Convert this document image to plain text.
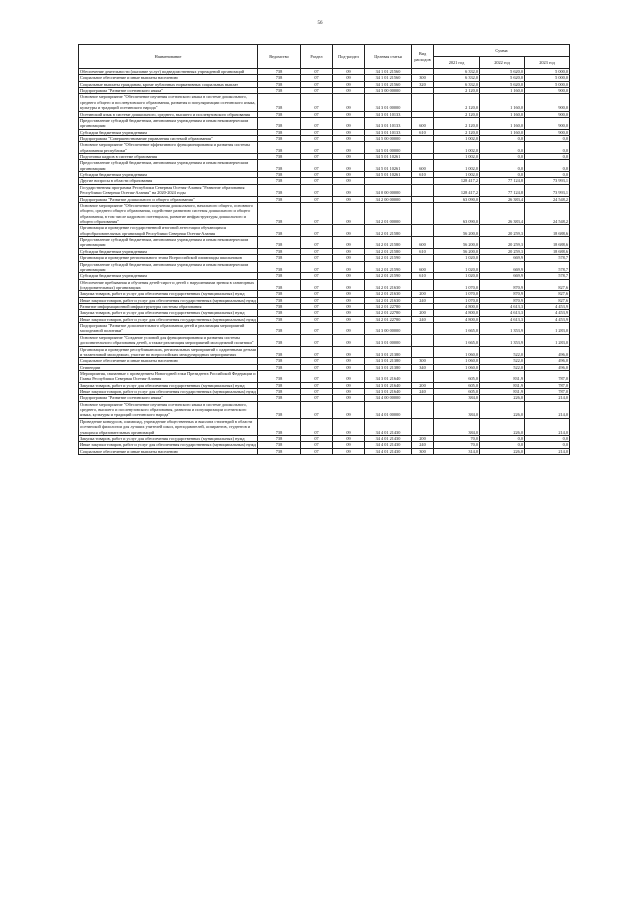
56
Наименование	Ведомство	Раздел	Под-раздел	Целевая статья	Вид расходов	Сумма		
						2021 год	2022 год	2023 год
Обеспечение деятельности (оказание услуг) подведомственных учреждений организаций	738	07	09	34 1 01 21560		6 332,0	5 620,0	5 000,0
Социальное обеспечение и иные выплаты населению	738	07	09	34 1 01 21560	300	6 332,0	5 620,0	5 000,0
Социальные выплаты гражданам, кроме публичных нормативных социальных выплат	738	07	09	34 1 01 21560	320	6 332,0	5 620,0	5 000,0
Подпрограмма "Развитие осетинского языка"	738	07	09	34 3 00 00000		2 120,0	1 160,0	900,0
Основное мероприятие "Обеспечение изучения осетинского языка в системе дошкольного, среднего общего и послевузовского образования, развития и популяризации осетинского языка, культуры и традиций осетинского народа"	738	07	09	34 3 01 00000		2 120,0	1 160,0	900,0
Осетинский язык в системе дошкольного, среднего, высшего и послевузовского образования	738	07	09	34 3 01 10133		2 120,0	1 160,0	900,0
Предоставление субсидий бюджетным, автономным учреждениям и иным некоммерческим организациям	738	07	09	34 3 01 10133	600	2 120,0	1 160,0	900,0
Субсидии бюджетным учреждениям	738	07	09	34 3 01 10133	610	2 120,0	1 160,0	900,0
Подпрограмма "Совершенствование управления системой образования"	738	07	09	34 5 00 00000		1 002,0	0,0	0,0
Основное мероприятие "Обеспечение эффективного функционирования и развития системы образования республики"	738	07	09	34 5 01 00000		1 002,0	0,0	0,0
Подготовка кадров в системе образования	738	07	09	34 5 01 10261		1 002,0	0,0	0,0
Предоставление субсидий бюджетным, автономным учреждениям и иным некоммерческим организациям	738	07	09	34 5 01 10261	600	1 002,0	0,0	0,0
Субсидии бюджетным учреждениям	738	07	09	34 5 01 10261	610	1 002,0	0,0	0,0
Другие вопросы в области образования	738	07	09			128 417,2	77 124,8	73 993,1
Государственная программа Республики Северная Осетия-Алания "Развитие образования Республики Северная Осетия-Алания" на 2020-2024 годы	738	07	09	34 0 00 00000		128 417,2	77 124,8	73 993,1
Подпрограмма "Развитие дошкольного и общего образования"	738	07	09	34 2 00 00000		63 090,0	26 383,4	24 548,2
Основное мероприятие "Обеспечение получения дошкольного, начального общего, основного общего, среднего общего образования, содействие развитию системы дошкольного и общего образования, в том числе кадрового потенциала, развитие инфраструктуры дошкольного и общего образования"	738	07	09	34 2 01 00000		63 090,0	26 383,4	24 548,2
Организация и проведение государственной итоговой аттестации обучающихся общеобразовательных организаций Республики Северная Осетия-Алания	738	07	09	34 2 01 21580		56 200,0	20 259,3	18 688,6
Предоставление субсидий бюджетным, автономным учреждениям и иным некоммерческим организациям	738	07	09	34 2 01 21580	600	56 200,0	20 259,3	18 688,6
Субсидии бюджетным учреждениям	738	07	09	34 2 01 21580	610	56 200,0	20 259,3	18 688,6
Организация и проведение регионального этапа Всероссийской олимпиады школьников	738	07	09	34 2 01 21590		1 020,0	669,9	578,7
Предоставление субсидий бюджетным, автономным учреждениям и иным некоммерческим организациям	738	07	09	34 2 01 21590	600	1 020,0	669,9	578,7
Субсидии бюджетным учреждениям	738	07	09	34 2 01 21590	610	1 020,0	669,9	578,7
Обеспечение пребывания и обучения детей-сирот и детей с нарушениями зрения в санаторных (оздоровительных) организациях	738	07	09	34 2 01 21630		1 070,0	870,9	827,6
Закупка товаров, работ и услуг для обеспечения государственных (муниципальных) нужд	738	07	09	34 2 01 21630	200	1 070,0	870,9	827,6
Иные закупки товаров, работ и услуг для обеспечения государственных (муниципальных) нужд	738	07	09	34 2 01 21630	240	1 070,0	870,9	827,6
Развитие информационной инфраструктуры системы образования	738	07	09	34 2 01 22780		4 800,0	4 613,3	4 453,9
Закупка товаров, работ и услуг для обеспечения государственных (муниципальных) нужд	738	07	09	34 2 01 22780	200	4 800,0	4 613,3	4 453,9
Иные закупки товаров, работ и услуг для обеспечения государственных (муниципальных) нужд	738	07	09	34 2 01 22780	240	4 800,0	4 613,3	4 453,9
Подпрограмма "Развитие дополнительного образования детей и реализация мероприятий молодежной политики"	738	07	09	34 3 00 00000		1 665,0	1 353,9	1 283,0
Основное мероприятие "Создание условий для функционирования и развития системы дополнительного образования детей, а также реализация мероприятий молодежной политики"	738	07	09	34 3 01 00000		1 665,0	1 353,9	1 283,0
Организация и проведение республиканских, региональных мероприятий с одаренными детьми и талантливой молодежью, участие во всероссийских международных мероприятиях	738	07	09	34 3 01 21380		1 060,0	522,0	496,0
Социальное обеспечение и иные выплаты населению	738	07	09	34 3 01 21380	300	1 060,0	522,0	496,0
Стипендии	738	07	09	34 3 01 21380	340	1 060,0	522,0	496,0
Мероприятия, связанные с проведением Новогодней елки Президента Российской Федерации и Главы Республики Северная Осетия-Алания	738	07	09	34 3 01 21640		605,0	831,9	787,0
Закупка товаров, работ и услуг для обеспечения государственных (муниципальных) нужд	738	07	09	34 3 01 21640	200	605,0	831,9	787,0
Иные закупки товаров, работ и услуг для обеспечения государственных (муниципальных) нужд	738	07	09	34 3 01 21640	240	605,0	831,9	787,0
Подпрограмма "Развитие осетинского языка"	738	07	09	34 4 00 00000		384,0	226,0	214,0
Основное мероприятие "Обеспечение изучения осетинского языка в системе дошкольного, среднего, высшего и послевузовского образования, развития и популяризации осетинского языка, культуры и традиций осетинского народа"	738	07	09	34 4 01 00000		384,0	226,0	214,0
Проведение конкурсов, олимпиад, учреждение общественных и выплата стипендий в области осетинской филологии для лучших учителей школ, преподавателей, аспирантов, студентов и учащихся образовательных организаций	738	07	09	34 4 01 21430		384,0	226,0	214,0
Закупка товаров, работ и услуг для обеспечения государственных (муниципальных) нужд	738	07	09	34 4 01 21430	200	70,0	0,0	0,0
Иные закупки товаров, работ и услуг для обеспечения государственных (муниципальных) нужд	738	07	09	34 4 01 21430	240	70,0	0,0	0,0
Социальное обеспечение и иные выплаты населению	738	07	09	34 4 01 21430	300	314,0	226,0	214,0
